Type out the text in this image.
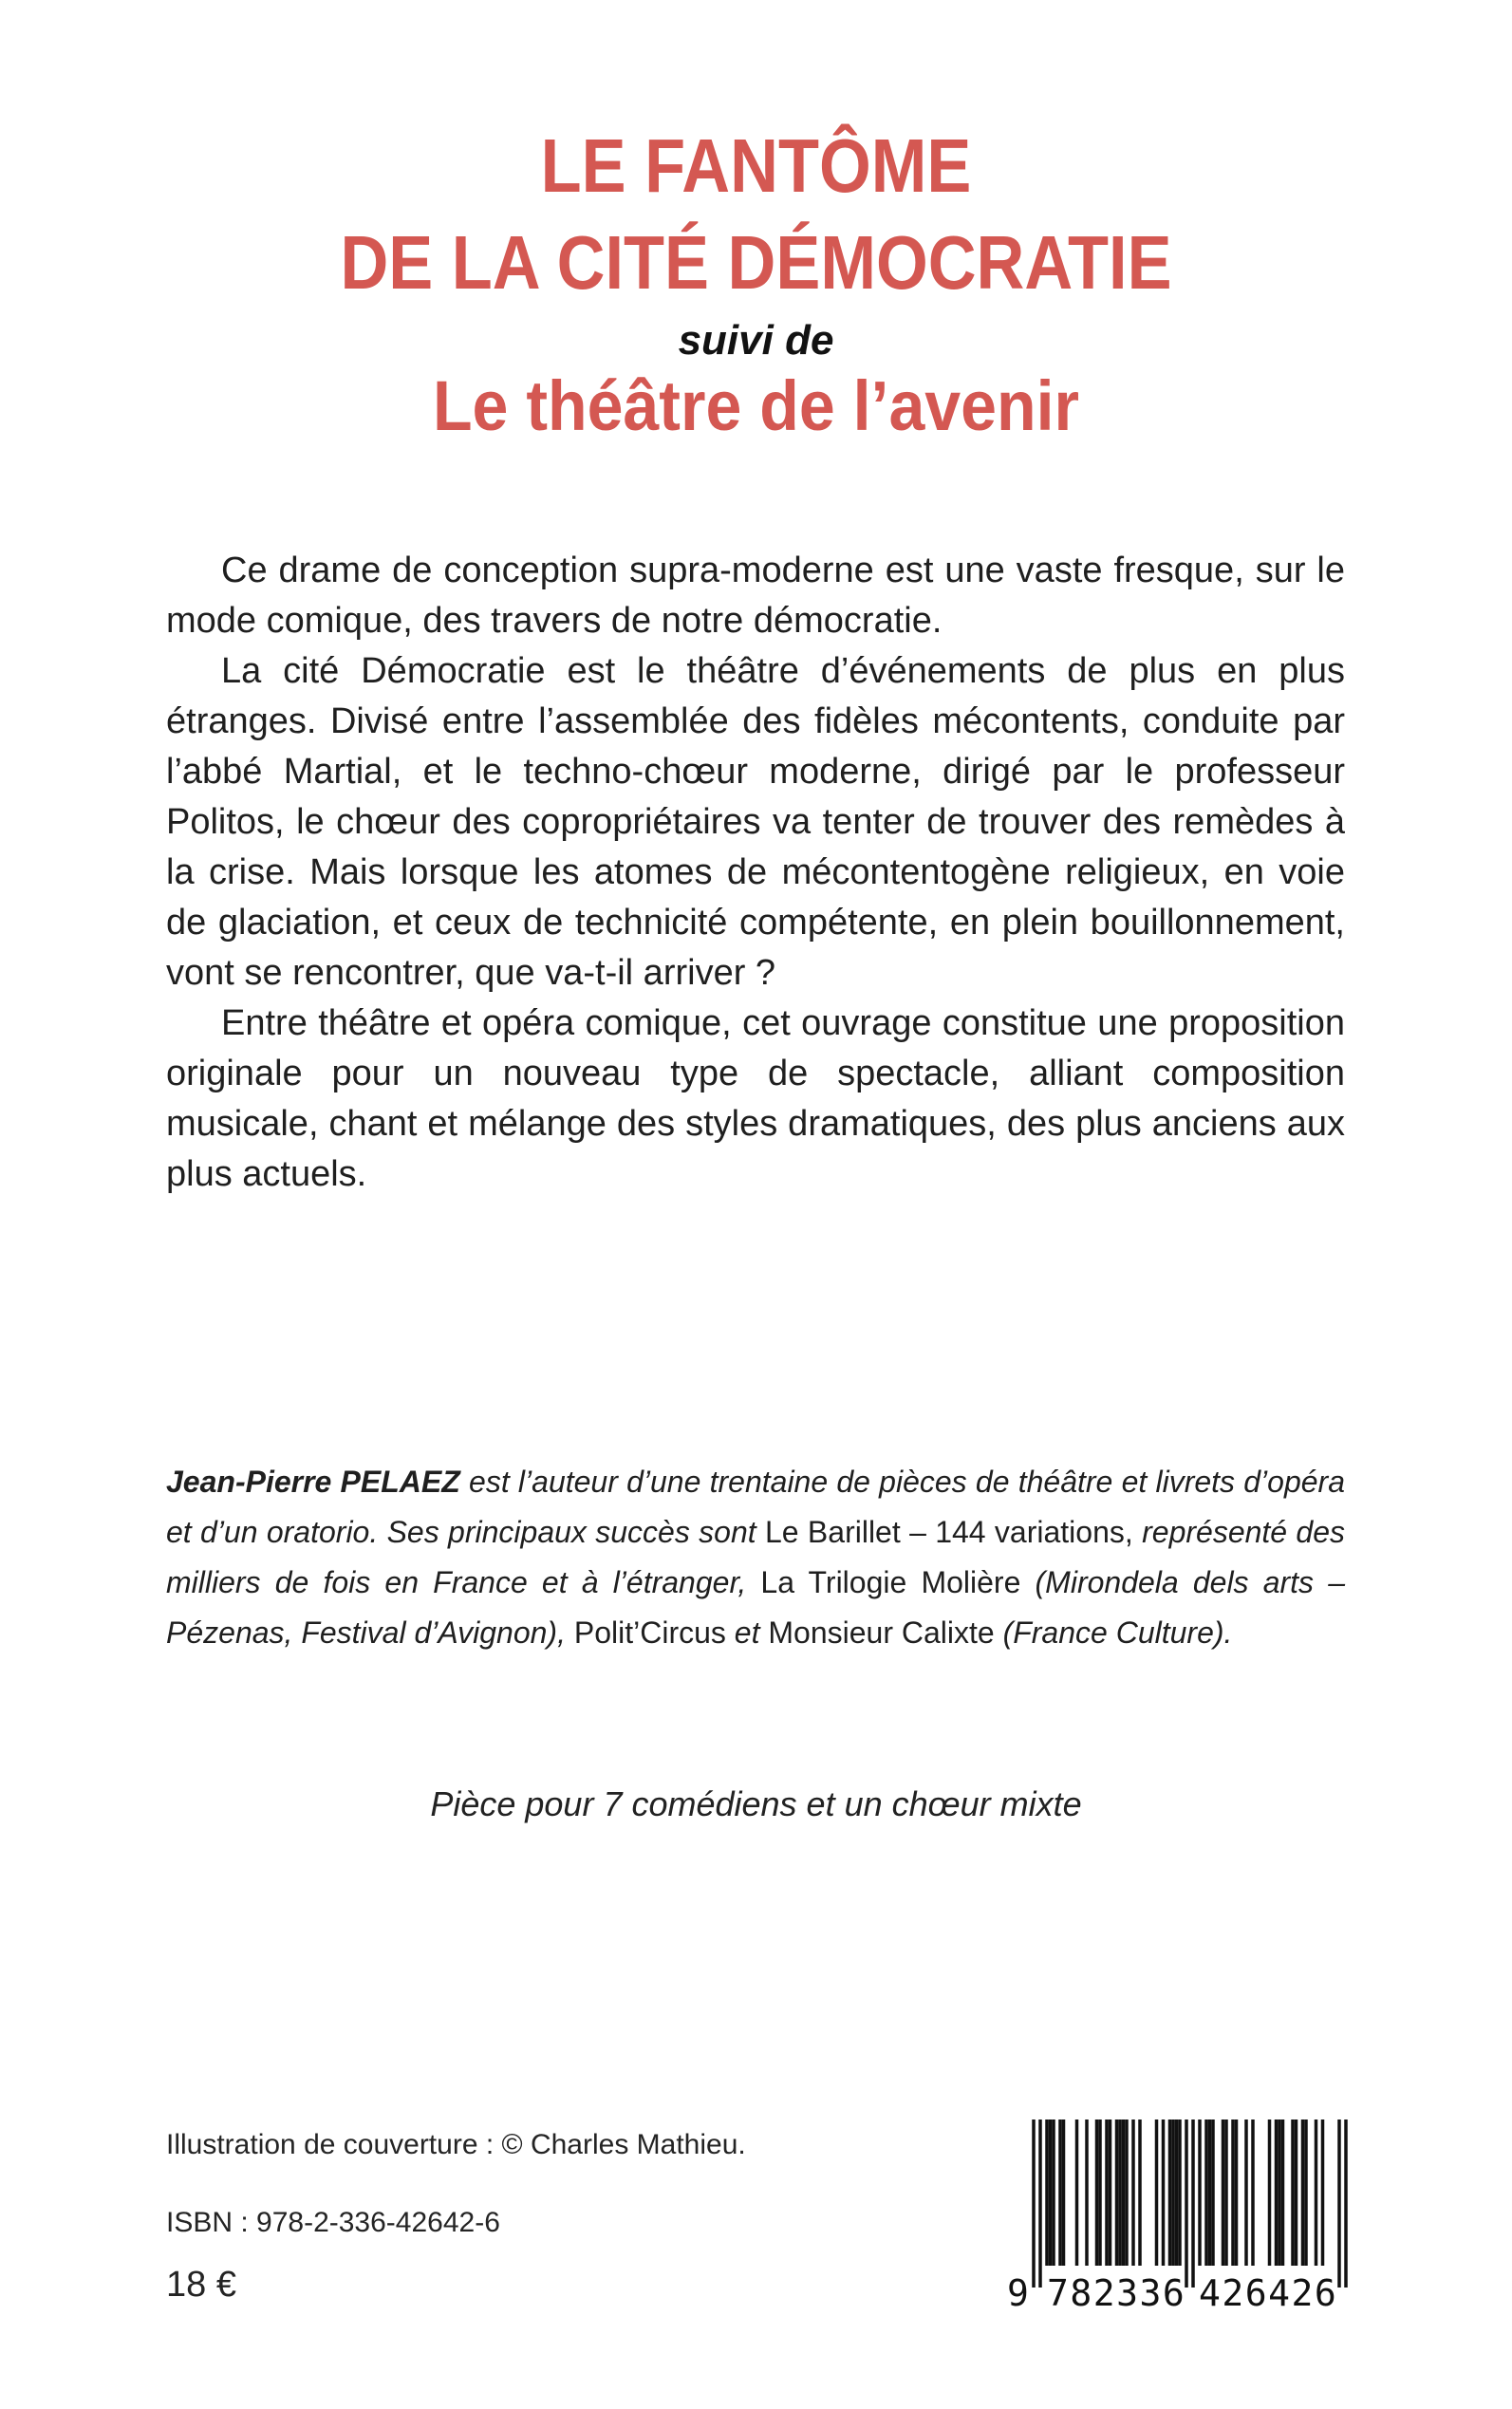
LE FANTÔME
DE LA CITÉ DÉMOCRATIE
suivi de
Le théâtre de l’avenir

Ce drame de conception supra-moderne est une vaste fresque, sur le mode comique, des travers de notre démocratie.

La cité Démocratie est le théâtre d’événements de plus en plus étranges. Divisé entre l’assemblée des fidèles mécontents, conduite par l’abbé Martial, et le techno-chœur moderne, dirigé par le professeur Politos, le chœur des copropriétaires va tenter de trouver des remèdes à la crise. Mais lorsque les atomes de mécontentogène religieux, en voie de glaciation, et ceux de technicité compétente, en plein bouillonnement, vont se rencontrer, que va-t-il arriver ?

Entre théâtre et opéra comique, cet ouvrage constitue une proposition originale pour un nouveau type de spectacle, alliant composition musicale, chant et mélange des styles dramatiques, des plus anciens aux plus actuels.

Jean-Pierre PELAEZ est l’auteur d’une trentaine de pièces de théâtre et livrets d’opéra et d’un oratorio. Ses principaux succès sont Le Barillet – 144 variations, représenté des milliers de fois en France et à l’étranger, La Trilogie Molière (Mirondela dels arts – Pézenas, Festival d’Avignon), Polit’Circus et Monsieur Calixte (France Culture).
Pièce pour 7 comédiens et un chœur mixte
Illustration de couverture : © Charles Mathieu.
ISBN : 978-2-336-42642-6
18 €	9 782336 426426
